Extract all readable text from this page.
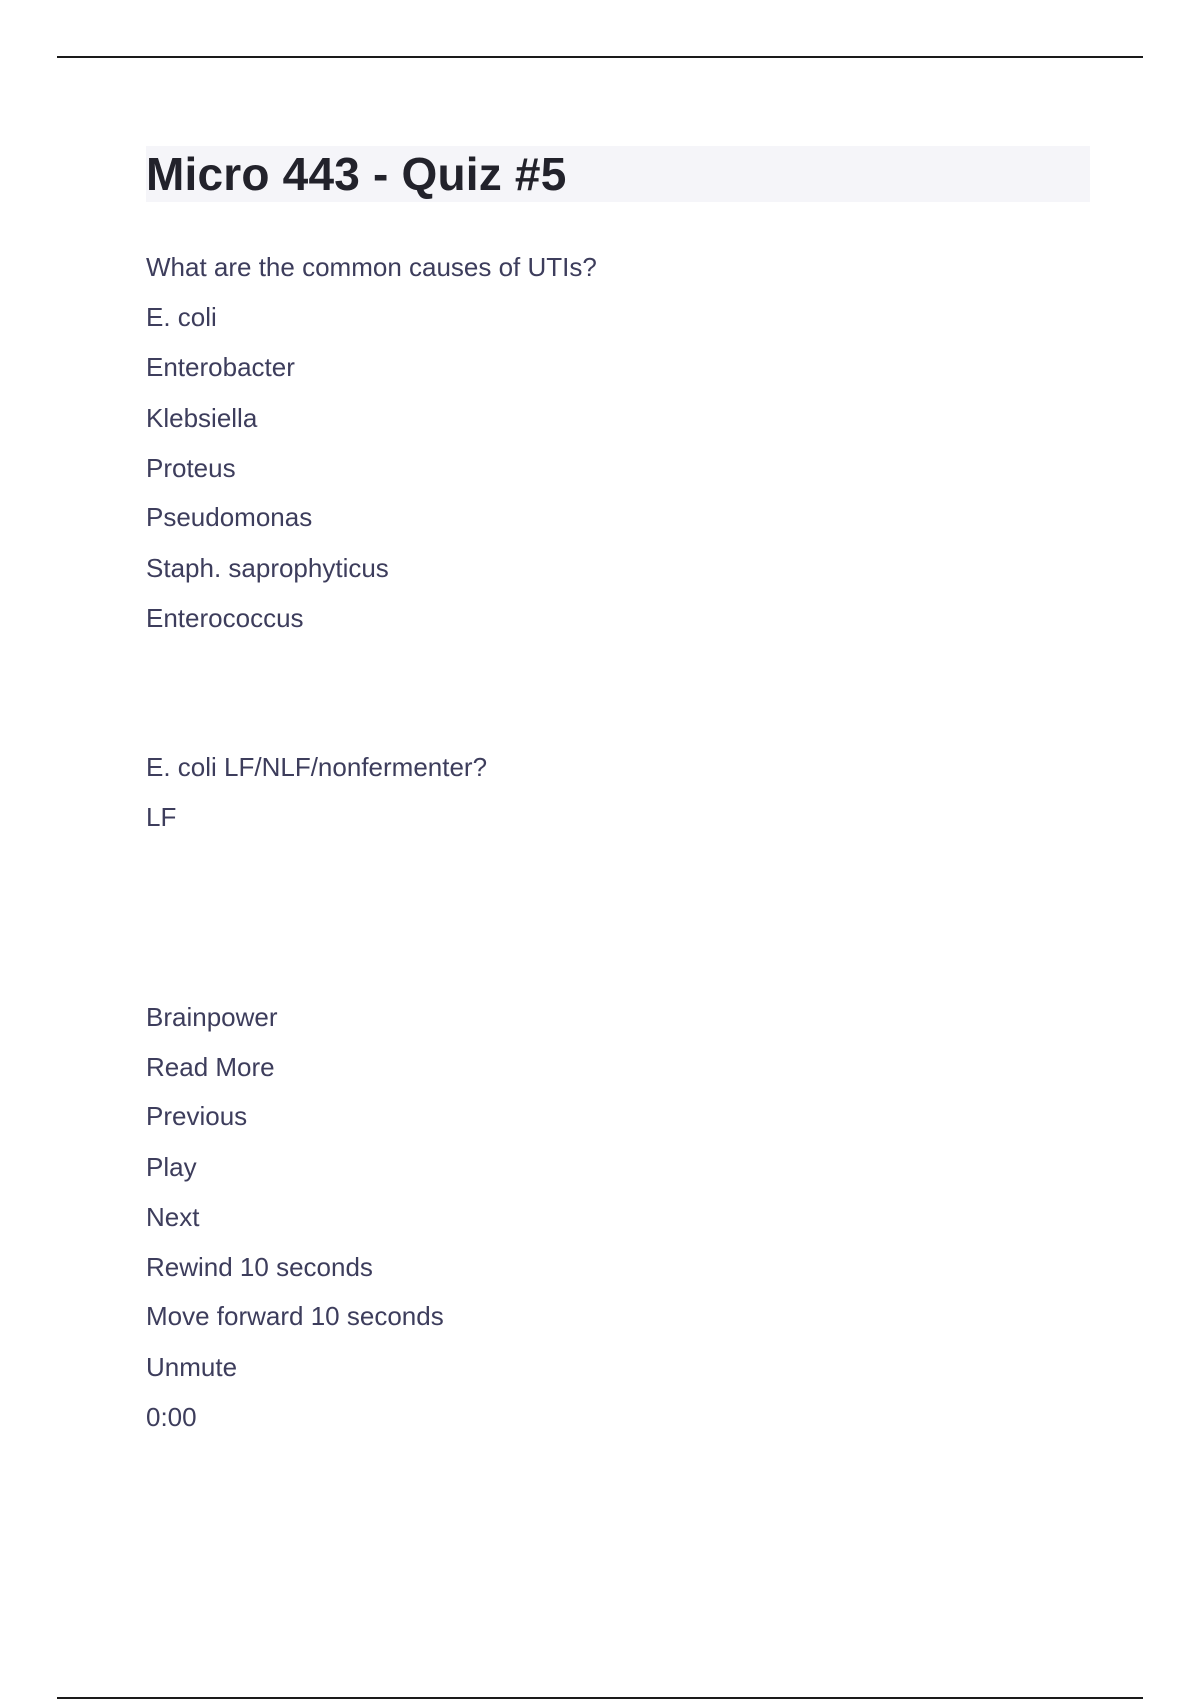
Micro 443 - Quiz #5

What are the common causes of UTIs?

E. coli

Enterobacter

Klebsiella

Proteus

Pseudomonas

Staph. saprophyticus

Enterococcus

E. coli LF/NLF/nonfermenter?

LF

Brainpower

Read More

Previous

Play

Next

Rewind 10 seconds

Move forward 10 seconds

Unmute

0:00
